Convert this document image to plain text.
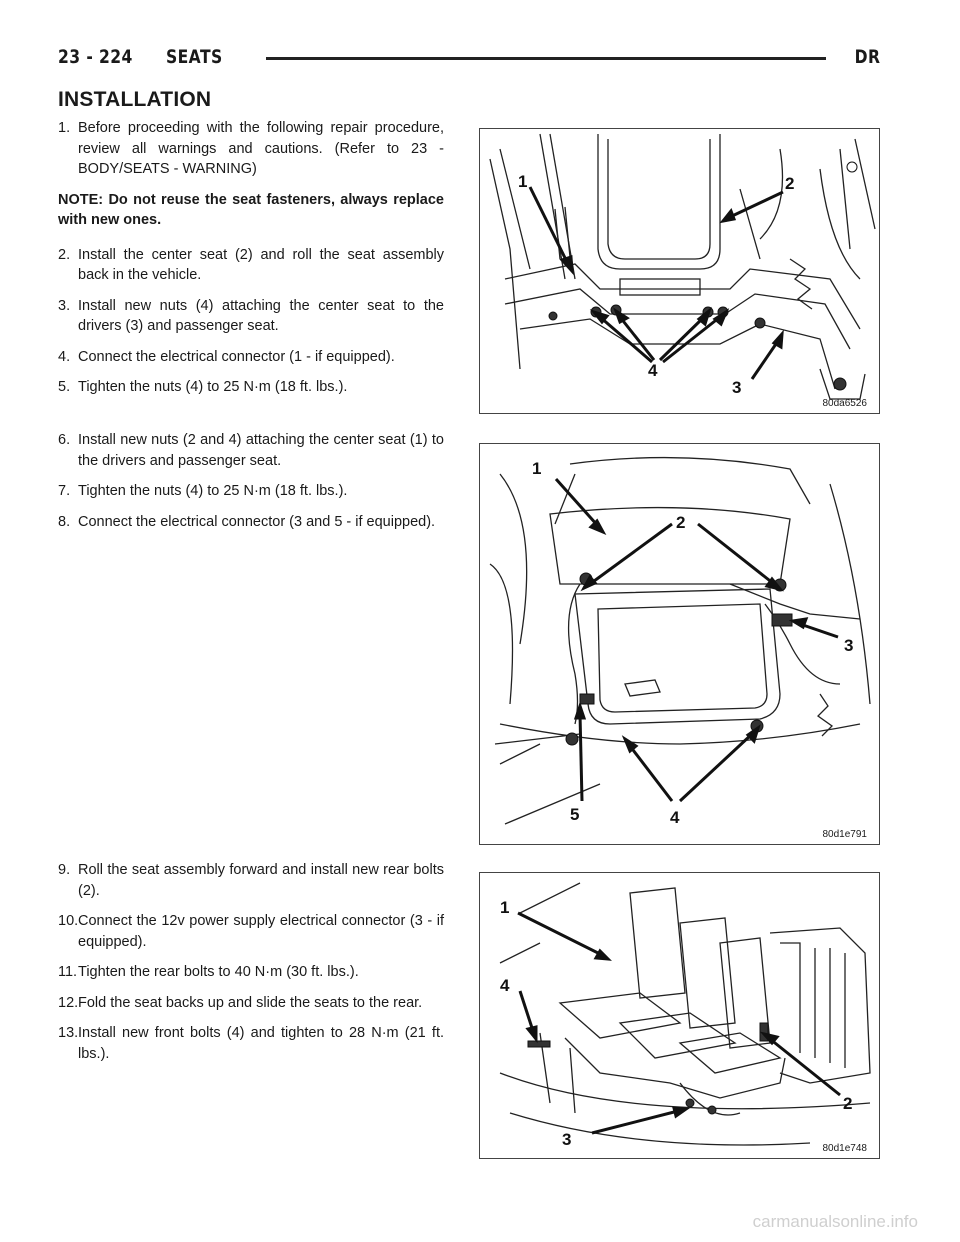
23 - 224 SEATS	DR
INSTALLATION
1. Before proceeding with the following repair procedure, review all warnings and cautions. (Refer to 23 - BODY/SEATS - WARNING)
NOTE: Do not reuse the seat fasteners, always replace with new ones.
2. Install the center seat (2) and roll the seat assembly back in the vehicle.
3. Install new nuts (4) attaching the center seat to the drivers (3) and passenger seat.
4. Connect the electrical connector (1 - if equipped).
5. Tighten the nuts (4) to 25 N·m (18 ft. lbs.).
6. Install new nuts (2 and 4) attaching the center seat (1) to the drivers and passenger seat.
7. Tighten the nuts (4) to 25 N·m (18 ft. lbs.).
8. Connect the electrical connector (3 and 5 - if equipped).
9. Roll the seat assembly forward and install new rear bolts (2).
10. Connect the 12v power supply electrical connector (3 - if equipped).
11. Tighten the rear bolts to 40 N·m (30 ft. lbs.).
12. Fold the seat backs up and slide the seats to the rear.
13. Install new front bolts (4) and tighten to 28 N·m (21 ft. lbs.).
1	2
4
3
80da6526
1
2
3
5	4
80d1e791
1
4
2
3	80d1e748
carmanualsonline.info
